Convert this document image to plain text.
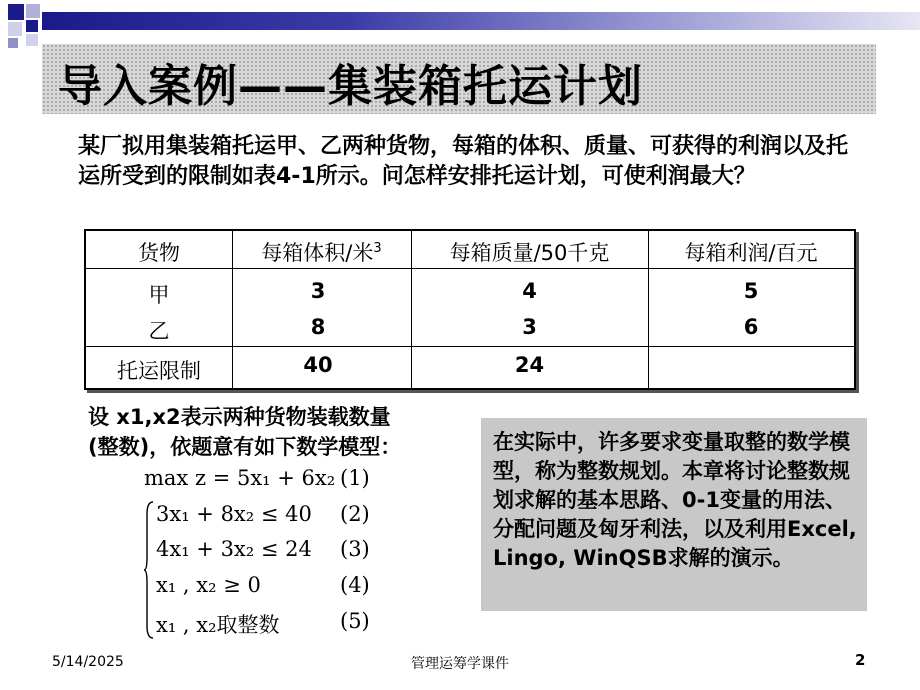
导入案例——集装箱托运计划
某厂拟用集装箱托运甲、乙两种货物，每箱的体积、质量、可获得的利润以及托运所受到的限制如表4-1所示。问怎样安排托运计划，可使利润最大？
货物	每箱体积/米$^3$	每箱质量/50千克	每箱利润/百元
甲	3	4	5
乙	8	3	6
托运限制	40	24
设 x1,x2表示两种货物装载数量
(整数)，依题意有如下数学模型：
max z = 5x₁ + 6x₂ (1)
3x₁ + 8x₂ ≤ 40 (2)
4x₁ + 3x₂ ≤ 24 (3)
x₁ , x₂ ≥ 0	(4)
x₁ , x₂取整数	(5)
在实际中，许多要求变量取整的数学模型，称为整数规划。本章将讨论整数规划求解的基本思路、0-1变量的用法、分配问题及匈牙利法，以及利用Excel, Lingo, WinQSB求解的演示。
5/14/2025	管理运筹学课件	2
